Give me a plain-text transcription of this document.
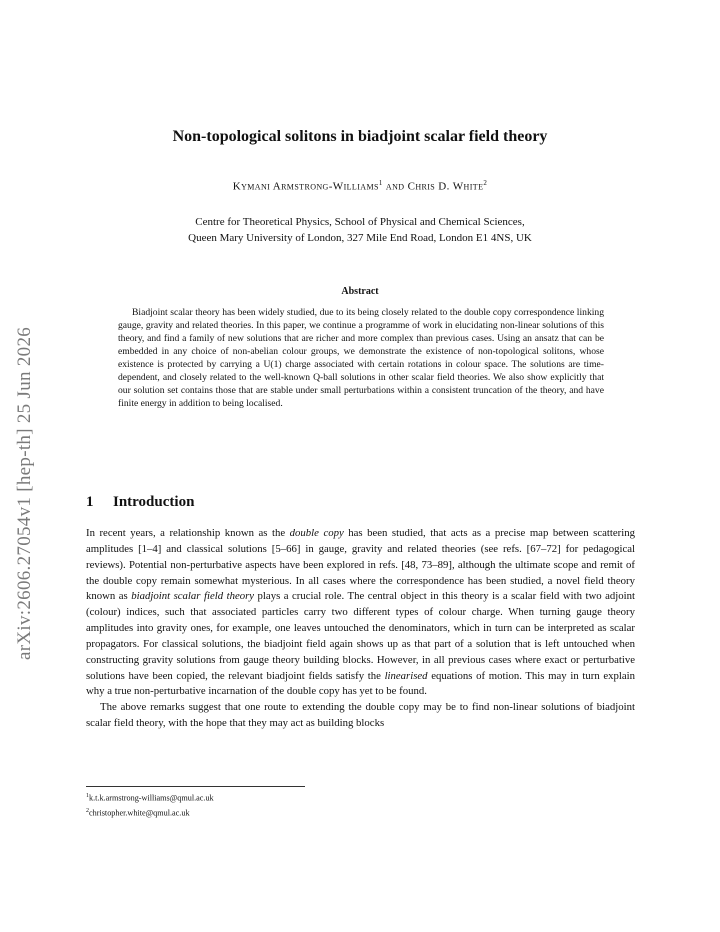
arXiv:2606.27054v1 [hep-th] 25 Jun 2026
Non-topological solitons in biadjoint scalar field theory
Kymani Armstrong-Williams$^1$ and Chris D. White$^2$
Centre for Theoretical Physics, School of Physical and Chemical Sciences,
Queen Mary University of London, 327 Mile End Road, London E1 4NS, UK
Abstract

Biadjoint scalar theory has been widely studied, due to its being closely related to the double copy correspondence linking gauge, gravity and related theories. In this paper, we continue a programme of work in elucidating non-linear solutions of this theory, and find a family of new solutions that are richer and more complex than previous cases. Using an ansatz that can be embedded in any choice of non-abelian colour groups, we demonstrate the existence of non-topological solitons, whose existence is protected by carrying a U(1) charge associated with certain rotations in colour space. The solutions are time-dependent, and closely related to the well-known Q-ball solutions in other scalar field theories. We also show explicitly that our solution set contains those that are stable under small perturbations within a consistent truncation of the theory, and have finite energy in addition to being localised.

1 Introduction

In recent years, a relationship known as the double copy has been studied, that acts as a precise map between scattering amplitudes [1–4] and classical solutions [5–66] in gauge, gravity and related theories (see refs. [67–72] for pedagogical reviews). Potential non-perturbative aspects have been explored in refs. [48, 73–89], although the ultimate scope and remit of the double copy remain somewhat mysterious. In all cases where the correspondence has been studied, a novel field theory known as biadjoint scalar field theory plays a crucial role. The central object in this theory is a scalar field with two adjoint (colour) indices, such that associated particles carry two different types of colour charge. When turning gauge theory amplitudes into gravity ones, for example, one leaves untouched the denominators, which in turn can be interpreted as scalar propagators. For classical solutions, the biadjoint field again shows up as that part of a solution that is left untouched when constructing gravity solutions from gauge theory building blocks. However, in all previous cases where exact or perturbative solutions have been copied, the relevant biadjoint fields satisfy the linearised equations of motion. This may in turn explain why a true non-perturbative incarnation of the double copy has yet to be found.

The above remarks suggest that one route to extending the double copy may be to find non-linear solutions of biadjoint scalar field theory, with the hope that they may act as building blocks

$^1$k.t.k.armstrong-williams@qmul.ac.uk
$^2$christopher.white@qmul.ac.uk
